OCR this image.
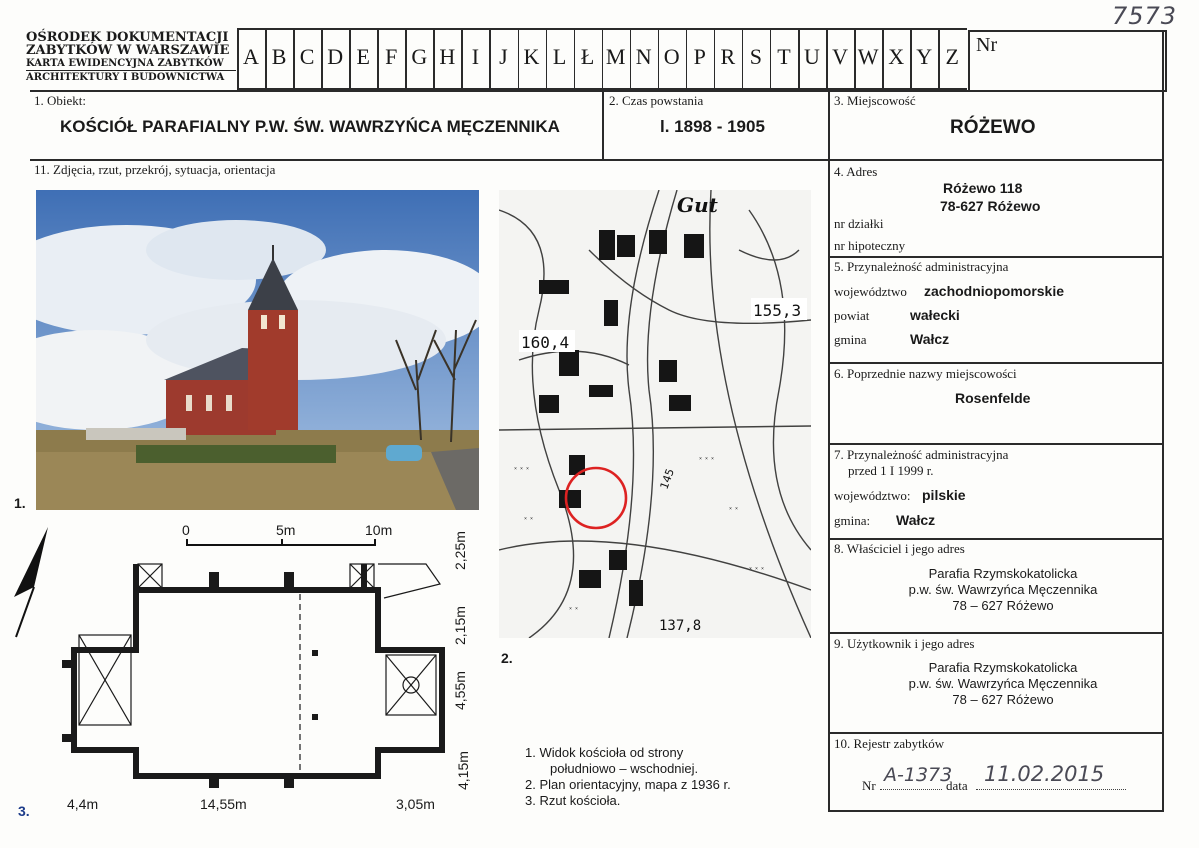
7573
OŚRODEK DOKUMENTACJI
ZABYTKÓW W WARSZAWIE
KARTA EWIDENCYJNA ZABYTKÓW
ARCHITEKTURY I BUDOWNICTWA
A B C D E F G H I J K L Ł M N O P R S T U V W X Y Z Nr
1. Obiekt:
KOŚCIÓŁ PARAFIALNY P.W. ŚW. WAWRZYŃCA MĘCZENNIKA
2. Czas powstania
l. 1898 - 1905
3. Miejscowość
RÓŻEWO
4. Adres
Różewo 118
78-627 Różewo
nr działki
nr hipoteczny
5. Przynależność administracyjna
województwo zachodniopomorskie
powiat	wałecki
gmina	Wałcz
6. Poprzednie nazwy miejscowości
Rosenfelde
7. Przynależność administracyjna
przed 1 I 1999 r.
województwo: pilskie
gmina: Wałcz
8. Właściciel i jego adres
Parafia Rzymskokatolicka
p.w. św. Wawrzyńca Męczennika
78 – 627 Różewo
9. Użytkownik i jego adres
Parafia Rzymskokatolicka
p.w. św. Wawrzyńca Męczennika
78 – 627 Różewo
10. Rejestr zabytków
Nr A-1373
data 11.02.2015
11. Zdjęcia, rzut, przekrój, sytuacja, orientacja
1.
× × ×
× ×
× × ×
× ×
× × ×
× ×
Gut
155,3
160,4
137,8
145
2.
0	5m	10m
4,4m	14,55m	3,05m
2,25m
2,15m
4,55m
4,15m
3.
1. Widok kościoła od strony
południowo – wschodniej.
2. Plan orientacyjny, mapa z 1936 r.
3. Rzut kościoła.
